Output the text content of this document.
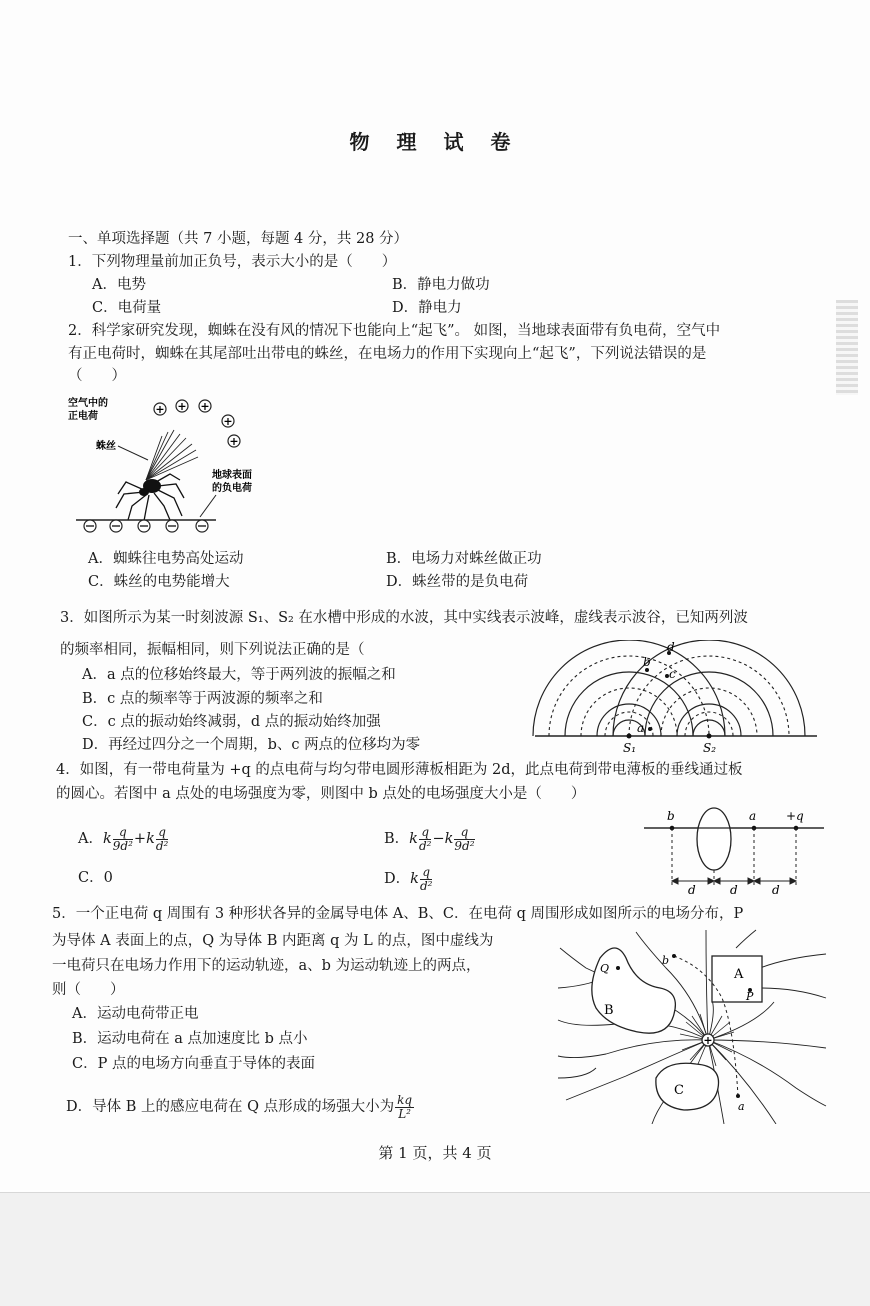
物 理 试 卷
一、单项选择题（共 7 小题，每题 4 分，共 28 分）
1．下列物理量前加正负号，表示大小的是（　　）
A．电势	B．静电力做功
C．电荷量	D．静电力
2．科学家研究发现，蜘蛛在没有风的情况下也能向上“起飞”。 如图，当地球表面带有负电荷，空气中
有正电荷时，蜘蛛在其尾部吐出带电的蛛丝，在电场力的作用下实现向上“起飞”，下列说法错误的是
（　　）
空气中的
正电荷
+ + +
+
+
蛛丝
地球表面
的负电荷
A．蜘蛛往电势高处运动	B．电场力对蛛丝做正功
C．蛛丝的电势能增大	D．蛛丝带的是负电荷
3．如图所示为某一时刻波源 S₁、S₂ 在水槽中形成的水波，其中实线表示波峰，虚线表示波谷，已知两列波
的频率相同，振幅相同，则下列说法正确的是（
A．a 点的位移始终最大，等于两列波的振幅之和
B．c 点的频率等于两波源的频率之和
C．c 点的振动始终减弱，d 点的振动始终加强
D．再经过四分之一个周期，b、c 两点的位移均为零
a
b
c
d
S₁	S₂
4．如图，有一带电荷量为 +q 的点电荷与均匀带电圆形薄板相距为 2d，此点电荷到带电薄板的垂线通过板
的圆心。若图中 a 点处的电场强度为零，则图中 b 点处的电场强度大小是（　　）
A．k $\frac{q}{\text{9d²}} +k \frac{q}{\text{d²}}$	B．k $\frac{q}{\text{d²}} -k \frac{q}{\text{9d²}}$
C．0	D．k $\frac{q}{\text{d²}}$
b	a +q
d	d	d
5．一个正电荷 q 周围有 3 种形状各异的金属导电体 A、B、C．在电荷 q 周围形成如图所示的电场分布，P
为导体 A 表面上的点，Q 为导体 B 内距离 q 为 L 的点，图中虚线为
一电荷只在电场力作用下的运动轨迹，a、b 为运动轨迹上的两点，
则（　　）
A．运动电荷带正电
B．运动电荷在 a 点加速度比 b 点小
C．P 点的电场方向垂直于导体的表面
D．导体 B 上的感应电荷在 Q 点形成的场强大小为 $\frac{kq}{\text{L²}}$
+
A
B
C
P
Q
b
a
第 1 页，共 4 页
